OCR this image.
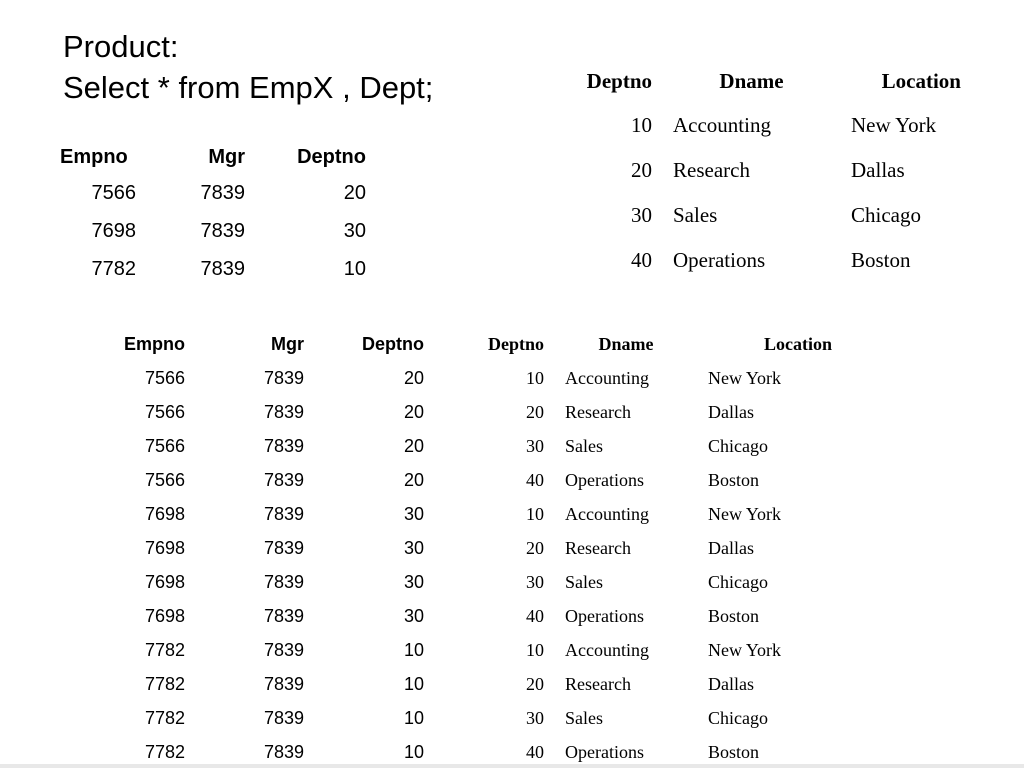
Product:
Select * from EmpX , Dept;
Empno	Mgr	Deptno
7566	7839	20
7698	7839	30
7782	7839	10
Deptno	Dname	Location
10	Accounting	New York
20	Research	Dallas
30	Sales	Chicago
40	Operations	Boston
Empno	Mgr	Deptno	Deptno	Dname	Location
7566	7839	20	10	Accounting	New York
7566	7839	20	20	Research	Dallas
7566	7839	20	30	Sales	Chicago
7566	7839	20	40	Operations	Boston
7698	7839	30	10	Accounting	New York
7698	7839	30	20	Research	Dallas
7698	7839	30	30	Sales	Chicago
7698	7839	30	40	Operations	Boston
7782	7839	10	10	Accounting	New York
7782	7839	10	20	Research	Dallas
7782	7839	10	30	Sales	Chicago
7782	7839	10	40	Operations	Boston
